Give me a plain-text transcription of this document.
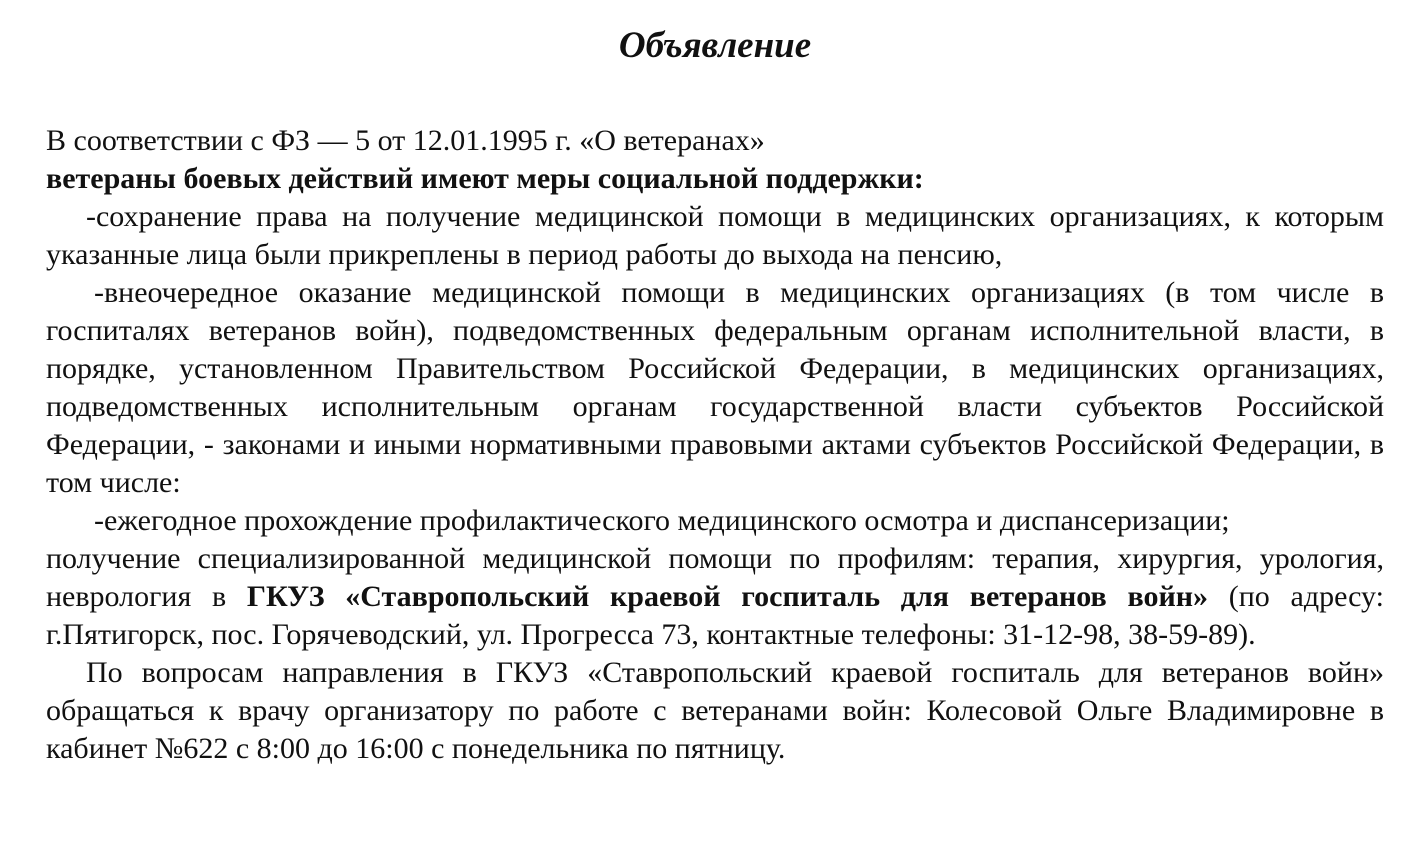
Объявление

В соответствии с ФЗ — 5 от 12.01.1995 г. «О ветеранах»

ветераны боевых действий имеют меры социальной поддержки:

-сохранение права на получение медицинской помощи в медицинских организациях, к которым указанные лица были прикреплены в период работы до выхода на пенсию,

-внеочередное оказание медицинской помощи в медицинских организациях (в том числе в госпиталях ветеранов войн), подведомственных федеральным органам исполнительной власти, в порядке, установленном Правительством Российской Федерации, в медицинских организациях, подведомственных исполнительным органам государственной власти субъектов Российской Федерации, - законами и иными нормативными правовыми актами субъектов Российской Федерации, в том числе:

-ежегодное прохождение профилактического медицинского осмотра и диспансеризации;

получение специализированной медицинской помощи по профилям: терапия, хирургия, урология, неврология в ГКУЗ «Ставропольский краевой госпиталь для ветеранов войн» (по адресу: г.Пятигорск, пос. Горячеводский, ул. Прогресса 73, контактные телефоны: 31-12-98, 38-59-89).

По вопросам направления в ГКУЗ «Ставропольский краевой госпиталь для ветеранов войн» обращаться к врачу организатору по работе с ветеранами войн: Колесовой Ольге Владимировне в кабинет №622 с 8:00 до 16:00 с понедельника по пятницу.
